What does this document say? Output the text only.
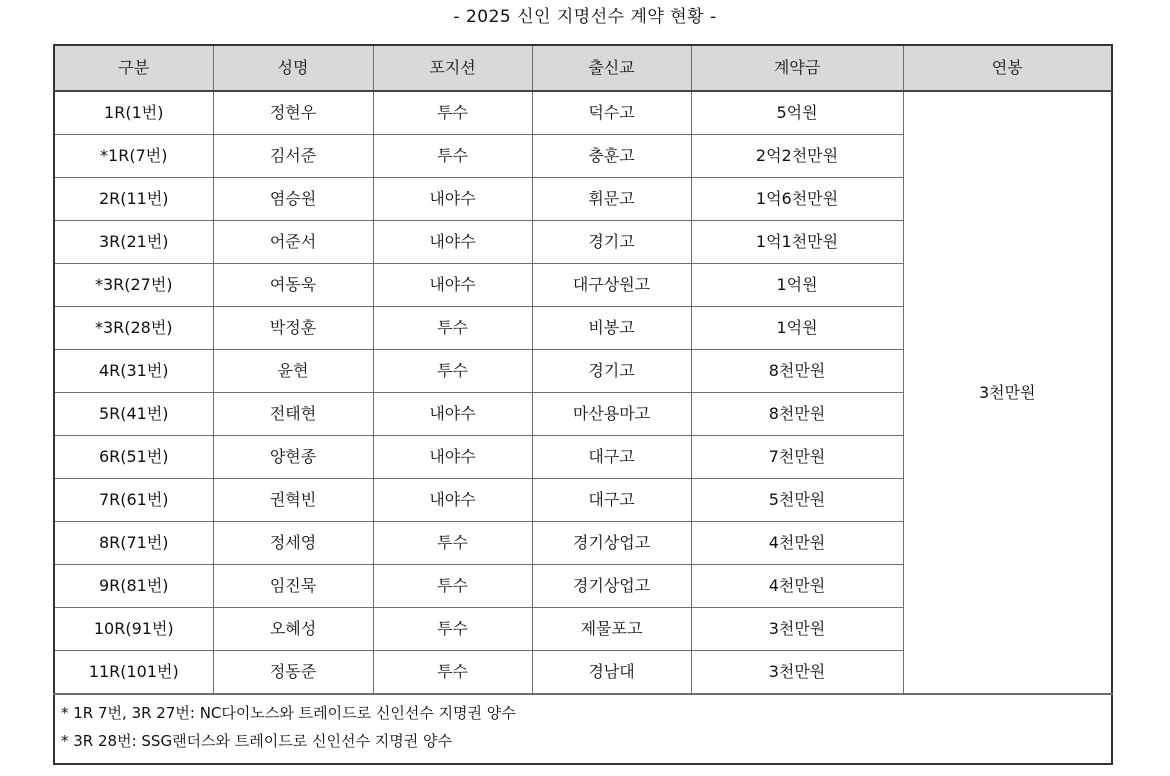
- 2025 신인 지명선수 계약 현황 -
구분	성명	포지션	출신교	계약금	연봉
1R(1번)	정현우	투수	덕수고	5억원	3천만원
*1R(7번)	김서준	투수	충훈고	2억2천만원	
2R(11번)	염승원	내야수	휘문고	1억6천만원	
3R(21번)	어준서	내야수	경기고	1억1천만원	
*3R(27번)	여동욱	내야수	대구상원고	1억원	
*3R(28번)	박정훈	투수	비봉고	1억원	
4R(31번)	윤현	투수	경기고	8천만원	
5R(41번)	전태현	내야수	마산용마고	8천만원	
6R(51번)	양현종	내야수	대구고	7천만원	
7R(61번)	권혁빈	내야수	대구고	5천만원	
8R(71번)	정세영	투수	경기상업고	4천만원	
9R(81번)	임진묵	투수	경기상업고	4천만원	
10R(91번)	오혜성	투수	제물포고	3천만원	
11R(101번)	정동준	투수	경남대	3천만원	

* 1R 7번, 3R 27번: NC다이노스와 트레이드로 신인선수 지명권 양수
* 3R 28번: SSG랜더스와 트레이드로 신인선수 지명권 양수					
